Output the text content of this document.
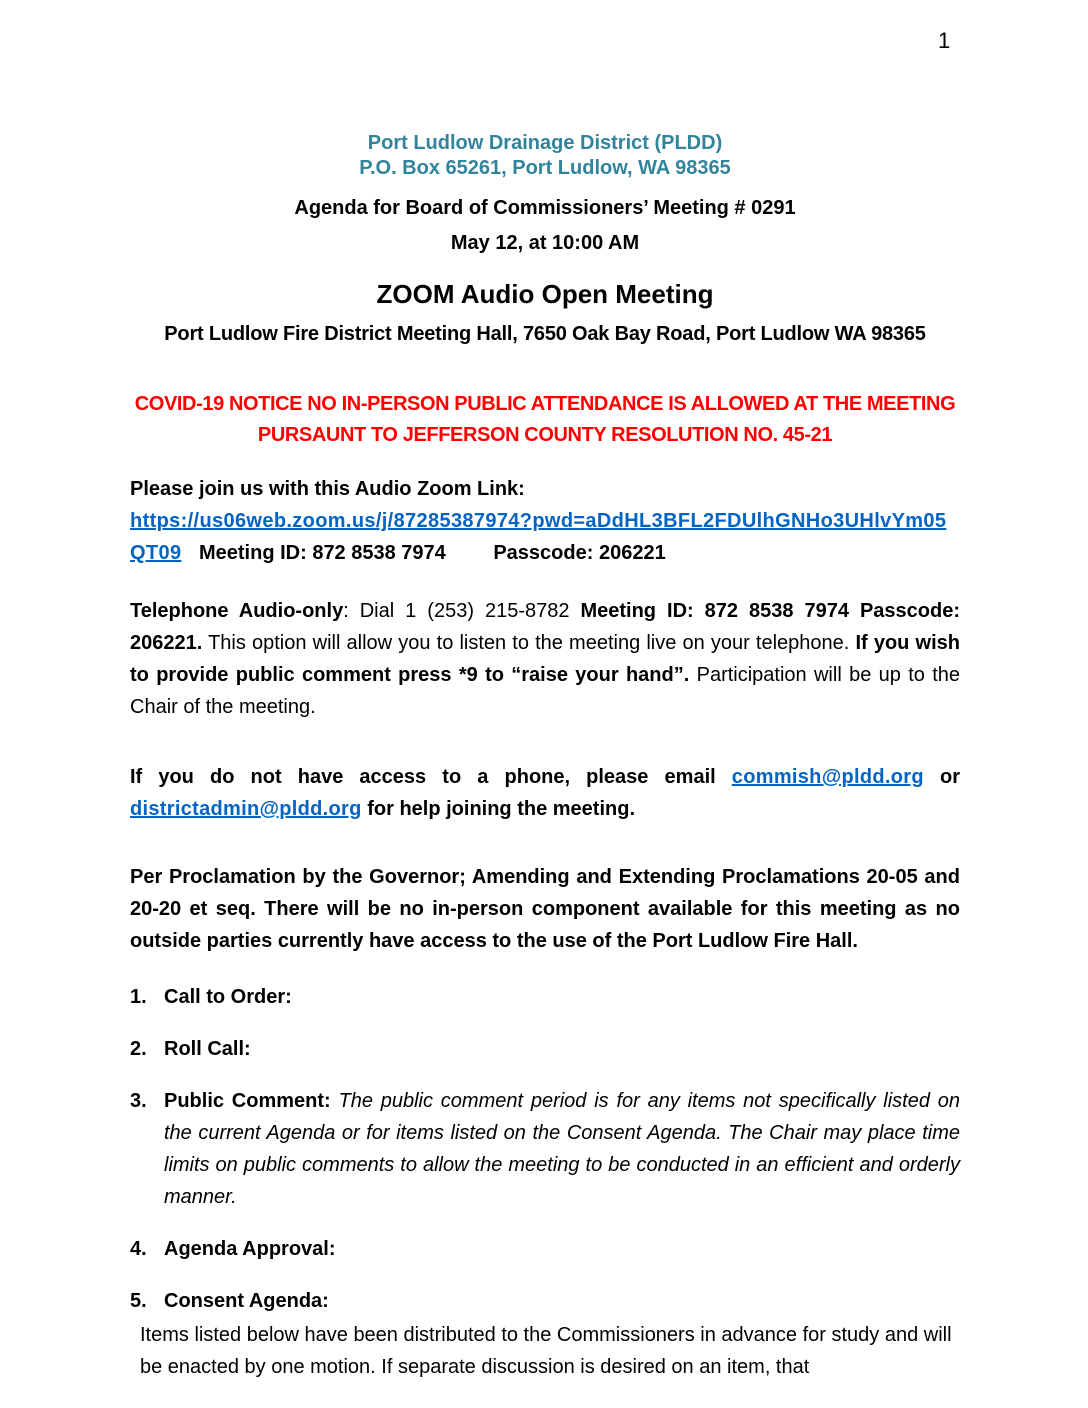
1
Port Ludlow Drainage District (PLDD)
P.O. Box 65261, Port Ludlow, WA 98365
Agenda for Board of Commissioners’ Meeting # 0291
May 12, at 10:00 AM
ZOOM Audio Open Meeting
Port Ludlow Fire District Meeting Hall, 7650 Oak Bay Road, Port Ludlow WA 98365
COVID-19 NOTICE NO IN-PERSON PUBLIC ATTENDANCE IS ALLOWED AT THE MEETING PURSAUNT TO JEFFERSON COUNTY RESOLUTION NO. 45-21
Please join us with this Audio Zoom Link:
https://us06web.zoom.us/j/87285387974?pwd=aDdHL3BFL2FDUlhGNHo3UHlvYm05QT09 Meeting ID: 872 8538 7974 Passcode: 206221

Telephone Audio-only: Dial 1 (253) 215-8782 Meeting ID: 872 8538 7974 Passcode: 206221. This option will allow you to listen to the meeting live on your telephone. If you wish to provide public comment press *9 to “raise your hand”. Participation will be up to the Chair of the meeting.

If you do not have access to a phone, please email commish@pldd.org or districtadmin@pldd.org for help joining the meeting.

Per Proclamation by the Governor; Amending and Extending Proclamations 20-05 and 20-20 et seq. There will be no in-person component available for this meeting as no outside parties currently have access to the use of the Port Ludlow Fire Hall.

1. Call to Order:
2. Roll Call:
3. Public Comment: The public comment period is for any items not specifically listed on the current Agenda or for items listed on the Consent Agenda. The Chair may place time limits on public comments to allow the meeting to be conducted in an efficient and orderly manner.
4. Agenda Approval:
5. Consent Agenda:
Items listed below have been distributed to the Commissioners in advance for study and will be enacted by one motion. If separate discussion is desired on an item, that
